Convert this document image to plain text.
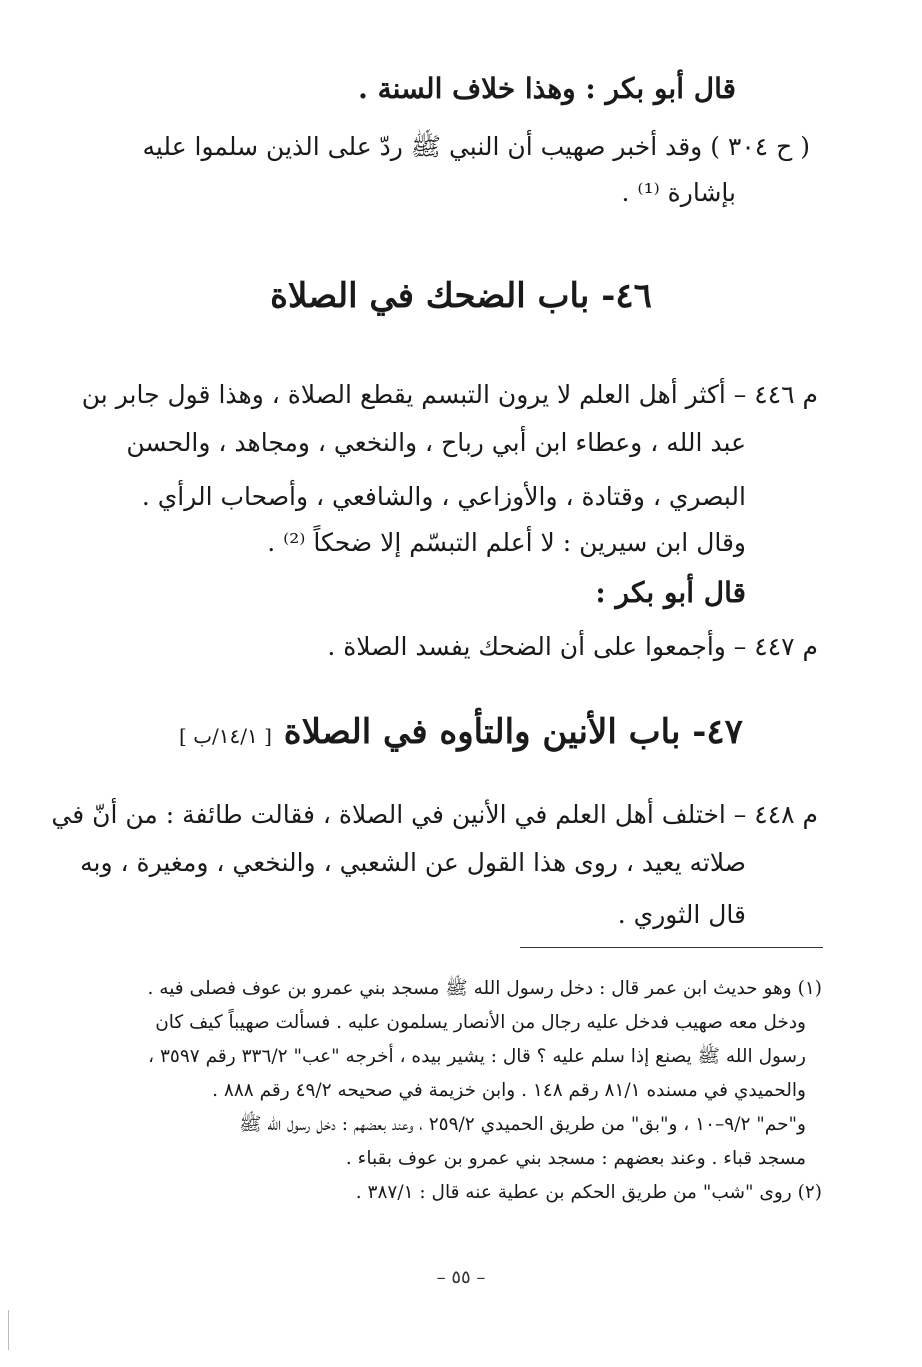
قال أبو بكر : وهذا خلاف السنة .
( ح ٣٠٤ ) وقد أخبر صهيب أن النبي ﷺ ردّ على الذين سلموا عليه
بإشارة ⁽¹⁾ .
٤٦- باب الضحك في الصلاة
م ٤٤٦ – أكثر أهل العلم لا يرون التبسم يقطع الصلاة ، وهذا قول جابر بن
عبد الله ، وعطاء ابن أبي رباح ، والنخعي ، ومجاهد ، والحسن
البصري ، وقتادة ، والأوزاعي ، والشافعي ، وأصحاب الرأي .
وقال ابن سيرين : لا أعلم التبسّم إلا ضحكاً ⁽²⁾ .
قال أبو بكر :
م ٤٤٧ – وأجمعوا على أن الضحك يفسد الصلاة .
٤٧- باب الأنين والتأوه في الصلاة [ ١٤/١/ب ]
م ٤٤٨ – اختلف أهل العلم في الأنين في الصلاة ، فقالت طائفة : من أنّ في
صلاته يعيد ، روى هذا القول عن الشعبي ، والنخعي ، ومغيرة ، وبه
قال الثوري .
(١) وهو حديث ابن عمر قال : دخل رسول الله ﷺ مسجد بني عمرو بن عوف فصلى فيه .
ودخل معه صهيب فدخل عليه رجال من الأنصار يسلمون عليه . فسألت صهيباً كيف كان
رسول الله ﷺ يصنع إذا سلم عليه ؟ قال : يشير بيده ، أخرجه "عب" ٣٣٦/٢ رقم ٣٥٩٧ ،
والحميدي في مسنده ٨١/١ رقم ١٤٨ . وابن خزيمة في صحيحه ٤٩/٢ رقم ٨٨٨ .
و"حم" ٩/٢–١٠ ، و"بق" من طريق الحميدي ٢٥٩/٢ ، وعند بعضهم : دخل رسول الله ﷺ
مسجد قباء . وعند بعضهم : مسجد بني عمرو بن عوف بقباء .
(٢) روى "شب" من طريق الحكم بن عطية عنه قال : ٣٨٧/١ .
– ٥٥ –
